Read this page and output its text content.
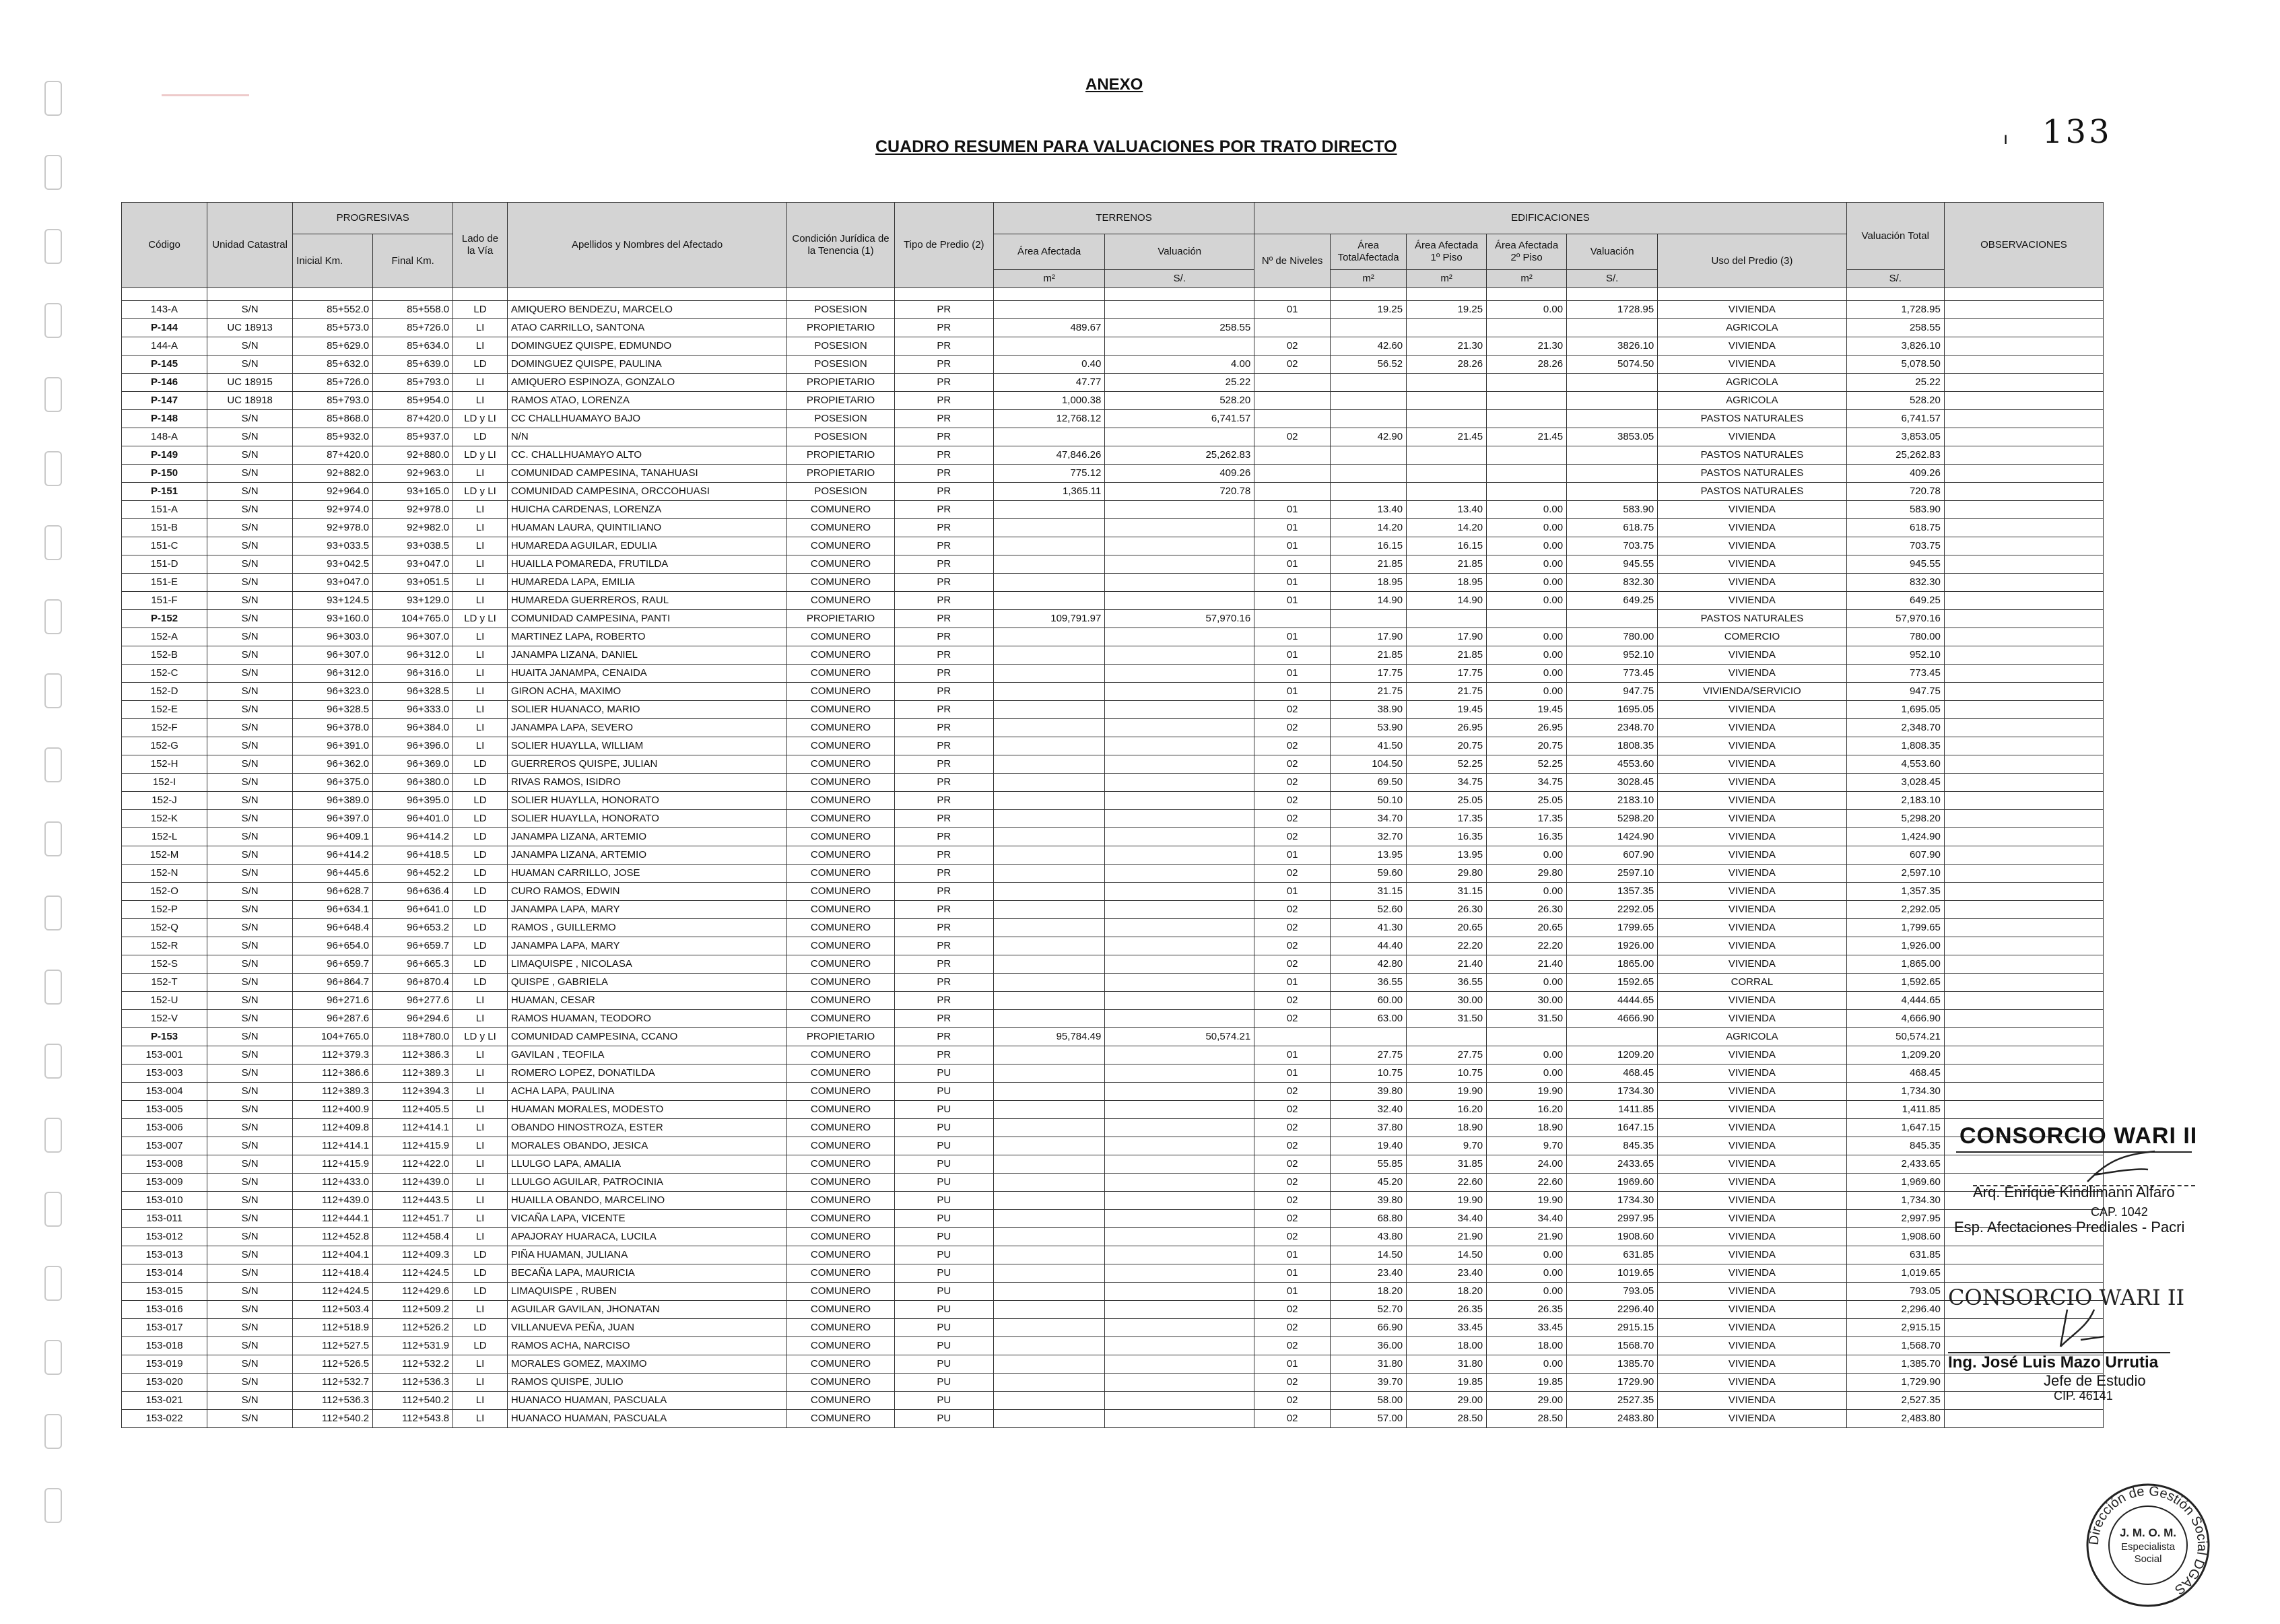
ANEXO
CUADRO RESUMEN PARA VALUACIONES POR TRATO DIRECTO	ı 133
Código	Unidad Catastral	PROGRESIVAS		Lado de la Vía	Apellidos y Nombres del Afectado	Condición Jurídica de la Tenencia (1)	Tipo de Predio (2)	TERRENOS		EDIFICACIONES						Valuación Total	OBSERVACIONES
		Inicial Km.	Final Km.					Área Afectada	Valuación	Nº de Niveles	Área TotalAfectada	Área Afectada 1º Piso	Área Afectada 2º Piso	Valuación	Uso del Predio (3)		
								m²	S/.		m²	m²	m²	S/.		S/.	

143-A	S/N	85+552.0	85+558.0	LD	AMIQUERO BENDEZU, MARCELO	POSESION	PR			01	19.25	19.25	0.00	1728.95	VIVIENDA	1,728.95	
P-144	UC 18913	85+573.0	85+726.0	LI	ATAO CARRILLO, SANTONA	PROPIETARIO	PR	489.67	258.55						AGRICOLA	258.55	
144-A	S/N	85+629.0	85+634.0	LI	DOMINGUEZ QUISPE, EDMUNDO	POSESION	PR			02	42.60	21.30	21.30	3826.10	VIVIENDA	3,826.10	
P-145	S/N	85+632.0	85+639.0	LD	DOMINGUEZ QUISPE, PAULINA	POSESION	PR	0.40	4.00	02	56.52	28.26	28.26	5074.50	VIVIENDA	5,078.50	
P-146	UC 18915	85+726.0	85+793.0	LI	AMIQUERO ESPINOZA, GONZALO	PROPIETARIO	PR	47.77	25.22						AGRICOLA	25.22	
P-147	UC 18918	85+793.0	85+954.0	LI	RAMOS ATAO, LORENZA	PROPIETARIO	PR	1,000.38	528.20						AGRICOLA	528.20	
P-148	S/N	85+868.0	87+420.0	LD y LI	CC CHALLHUAMAYO BAJO	POSESION	PR	12,768.12	6,741.57						PASTOS NATURALES	6,741.57	
148-A	S/N	85+932.0	85+937.0	LD	N/N	POSESION	PR			02	42.90	21.45	21.45	3853.05	VIVIENDA	3,853.05	
P-149	S/N	87+420.0	92+880.0	LD y LI	CC. CHALLHUAMAYO ALTO	PROPIETARIO	PR	47,846.26	25,262.83						PASTOS NATURALES	25,262.83	
P-150	S/N	92+882.0	92+963.0	LI	COMUNIDAD CAMPESINA, TANAHUASI	PROPIETARIO	PR	775.12	409.26						PASTOS NATURALES	409.26	
P-151	S/N	92+964.0	93+165.0	LD y LI	COMUNIDAD CAMPESINA, ORCCOHUASI	POSESION	PR	1,365.11	720.78						PASTOS NATURALES	720.78	
151-A	S/N	92+974.0	92+978.0	LI	HUICHA CARDENAS, LORENZA	COMUNERO	PR			01	13.40	13.40	0.00	583.90	VIVIENDA	583.90	
151-B	S/N	92+978.0	92+982.0	LI	HUAMAN LAURA, QUINTILIANO	COMUNERO	PR			01	14.20	14.20	0.00	618.75	VIVIENDA	618.75	
151-C	S/N	93+033.5	93+038.5	LI	HUMAREDA AGUILAR, EDULIA	COMUNERO	PR			01	16.15	16.15	0.00	703.75	VIVIENDA	703.75	
151-D	S/N	93+042.5	93+047.0	LI	HUAILLA POMAREDA, FRUTILDA	COMUNERO	PR			01	21.85	21.85	0.00	945.55	VIVIENDA	945.55	
151-E	S/N	93+047.0	93+051.5	LI	HUMAREDA LAPA, EMILIA	COMUNERO	PR			01	18.95	18.95	0.00	832.30	VIVIENDA	832.30	
151-F	S/N	93+124.5	93+129.0	LI	HUMAREDA GUERREROS, RAUL	COMUNERO	PR			01	14.90	14.90	0.00	649.25	VIVIENDA	649.25	
P-152	S/N	93+160.0	104+765.0	LD y LI	COMUNIDAD CAMPESINA, PANTI	PROPIETARIO	PR	109,791.97	57,970.16						PASTOS NATURALES	57,970.16	
152-A	S/N	96+303.0	96+307.0	LI	MARTINEZ LAPA, ROBERTO	COMUNERO	PR			01	17.90	17.90	0.00	780.00	COMERCIO	780.00	
152-B	S/N	96+307.0	96+312.0	LI	JANAMPA LIZANA, DANIEL	COMUNERO	PR			01	21.85	21.85	0.00	952.10	VIVIENDA	952.10	
152-C	S/N	96+312.0	96+316.0	LI	HUAITA JANAMPA, CENAIDA	COMUNERO	PR			01	17.75	17.75	0.00	773.45	VIVIENDA	773.45	
152-D	S/N	96+323.0	96+328.5	LI	GIRON ACHA, MAXIMO	COMUNERO	PR			01	21.75	21.75	0.00	947.75	VIVIENDA/SERVICIO	947.75	
152-E	S/N	96+328.5	96+333.0	LI	SOLIER HUANACO, MARIO	COMUNERO	PR			02	38.90	19.45	19.45	1695.05	VIVIENDA	1,695.05	
152-F	S/N	96+378.0	96+384.0	LI	JANAMPA LAPA, SEVERO	COMUNERO	PR			02	53.90	26.95	26.95	2348.70	VIVIENDA	2,348.70	
152-G	S/N	96+391.0	96+396.0	LI	SOLIER HUAYLLA, WILLIAM	COMUNERO	PR			02	41.50	20.75	20.75	1808.35	VIVIENDA	1,808.35	
152-H	S/N	96+362.0	96+369.0	LD	GUERREROS QUISPE, JULIAN	COMUNERO	PR			02	104.50	52.25	52.25	4553.60	VIVIENDA	4,553.60	
152-I	S/N	96+375.0	96+380.0	LD	RIVAS RAMOS, ISIDRO	COMUNERO	PR			02	69.50	34.75	34.75	3028.45	VIVIENDA	3,028.45	
152-J	S/N	96+389.0	96+395.0	LD	SOLIER HUAYLLA, HONORATO	COMUNERO	PR			02	50.10	25.05	25.05	2183.10	VIVIENDA	2,183.10	
152-K	S/N	96+397.0	96+401.0	LD	SOLIER HUAYLLA, HONORATO	COMUNERO	PR			02	34.70	17.35	17.35	5298.20	VIVIENDA	5,298.20	
152-L	S/N	96+409.1	96+414.2	LD	JANAMPA LIZANA, ARTEMIO	COMUNERO	PR			02	32.70	16.35	16.35	1424.90	VIVIENDA	1,424.90	
152-M	S/N	96+414.2	96+418.5	LD	JANAMPA LIZANA, ARTEMIO	COMUNERO	PR			01	13.95	13.95	0.00	607.90	VIVIENDA	607.90	
152-N	S/N	96+445.6	96+452.2	LD	HUAMAN CARRILLO, JOSE	COMUNERO	PR			02	59.60	29.80	29.80	2597.10	VIVIENDA	2,597.10	
152-O	S/N	96+628.7	96+636.4	LD	CURO RAMOS, EDWIN	COMUNERO	PR			01	31.15	31.15	0.00	1357.35	VIVIENDA	1,357.35	
152-P	S/N	96+634.1	96+641.0	LD	JANAMPA LAPA, MARY	COMUNERO	PR			02	52.60	26.30	26.30	2292.05	VIVIENDA	2,292.05	
152-Q	S/N	96+648.4	96+653.2	LD	RAMOS , GUILLERMO	COMUNERO	PR			02	41.30	20.65	20.65	1799.65	VIVIENDA	1,799.65	
152-R	S/N	96+654.0	96+659.7	LD	JANAMPA LAPA, MARY	COMUNERO	PR			02	44.40	22.20	22.20	1926.00	VIVIENDA	1,926.00	
152-S	S/N	96+659.7	96+665.3	LD	LIMAQUISPE , NICOLASA	COMUNERO	PR			02	42.80	21.40	21.40	1865.00	VIVIENDA	1,865.00	
152-T	S/N	96+864.7	96+870.4	LD	QUISPE , GABRIELA	COMUNERO	PR			01	36.55	36.55	0.00	1592.65	CORRAL	1,592.65	
152-U	S/N	96+271.6	96+277.6	LI	HUAMAN, CESAR	COMUNERO	PR			02	60.00	30.00	30.00	4444.65	VIVIENDA	4,444.65	
152-V	S/N	96+287.6	96+294.6	LI	RAMOS HUAMAN, TEODORO	COMUNERO	PR			02	63.00	31.50	31.50	4666.90	VIVIENDA	4,666.90	
P-153	S/N	104+765.0	118+780.0	LD y LI	COMUNIDAD CAMPESINA, CCANO	PROPIETARIO	PR	95,784.49	50,574.21						AGRICOLA	50,574.21	
153-001	S/N	112+379.3	112+386.3	LI	GAVILAN , TEOFILA	COMUNERO	PR			01	27.75	27.75	0.00	1209.20	VIVIENDA	1,209.20	
153-003	S/N	112+386.6	112+389.3	LI	ROMERO LOPEZ, DONATILDA	COMUNERO	PU			01	10.75	10.75	0.00	468.45	VIVIENDA	468.45	
153-004	S/N	112+389.3	112+394.3	LI	ACHA LAPA, PAULINA	COMUNERO	PU			02	39.80	19.90	19.90	1734.30	VIVIENDA	1,734.30	
153-005	S/N	112+400.9	112+405.5	LI	HUAMAN MORALES, MODESTO	COMUNERO	PU			02	32.40	16.20	16.20	1411.85	VIVIENDA	1,411.85	
153-006	S/N	112+409.8	112+414.1	LI	OBANDO HINOSTROZA, ESTER	COMUNERO	PU			02	37.80	18.90	18.90	1647.15	VIVIENDA	1,647.15	
153-007	S/N	112+414.1	112+415.9	LI	MORALES OBANDO, JESICA	COMUNERO	PU			02	19.40	9.70	9.70	845.35	VIVIENDA	845.35	
153-008	S/N	112+415.9	112+422.0	LI	LLULGO LAPA, AMALIA	COMUNERO	PU			02	55.85	31.85	24.00	2433.65	VIVIENDA	2,433.65	
153-009	S/N	112+433.0	112+439.0	LI	LLULGO AGUILAR, PATROCINIA	COMUNERO	PU			02	45.20	22.60	22.60	1969.60	VIVIENDA	1,969.60	
153-010	S/N	112+439.0	112+443.5	LI	HUAILLA OBANDO, MARCELINO	COMUNERO	PU			02	39.80	19.90	19.90	1734.30	VIVIENDA	1,734.30	
153-011	S/N	112+444.1	112+451.7	LI	VICAÑA LAPA, VICENTE	COMUNERO	PU			02	68.80	34.40	34.40	2997.95	VIVIENDA	2,997.95	
153-012	S/N	112+452.8	112+458.4	LI	APAJORAY HUARACA, LUCILA	COMUNERO	PU			02	43.80	21.90	21.90	1908.60	VIVIENDA	1,908.60	
153-013	S/N	112+404.1	112+409.3	LD	PIÑA HUAMAN, JULIANA	COMUNERO	PU			01	14.50	14.50	0.00	631.85	VIVIENDA	631.85	
153-014	S/N	112+418.4	112+424.5	LD	BECAÑA LAPA, MAURICIA	COMUNERO	PU			01	23.40	23.40	0.00	1019.65	VIVIENDA	1,019.65	
153-015	S/N	112+424.5	112+429.6	LD	LIMAQUISPE , RUBEN	COMUNERO	PU			01	18.20	18.20	0.00	793.05	VIVIENDA	793.05	
153-016	S/N	112+503.4	112+509.2	LI	AGUILAR GAVILAN, JHONATAN	COMUNERO	PU			02	52.70	26.35	26.35	2296.40	VIVIENDA	2,296.40	
153-017	S/N	112+518.9	112+526.2	LD	VILLANUEVA PEÑA, JUAN	COMUNERO	PU			02	66.90	33.45	33.45	2915.15	VIVIENDA	2,915.15	
153-018	S/N	112+527.5	112+531.9	LD	RAMOS ACHA, NARCISO	COMUNERO	PU			02	36.00	18.00	18.00	1568.70	VIVIENDA	1,568.70	
153-019	S/N	112+526.5	112+532.2	LI	MORALES GOMEZ, MAXIMO	COMUNERO	PU			01	31.80	31.80	0.00	1385.70	VIVIENDA	1,385.70	
153-020	S/N	112+532.7	112+536.3	LI	RAMOS QUISPE, JULIO	COMUNERO	PU			02	39.70	19.85	19.85	1729.90	VIVIENDA	1,729.90	
153-021	S/N	112+536.3	112+540.2	LI	HUANACO HUAMAN, PASCUALA	COMUNERO	PU			02	58.00	29.00	29.00	2527.35	VIVIENDA	2,527.35	
153-022	S/N	112+540.2	112+543.8	LI	HUANACO HUAMAN, PASCUALA	COMUNERO	PU			02	57.00	28.50	28.50	2483.80	VIVIENDA	2,483.80	
CONSORCIO WARI II
Arq. Enrique Kindlimann Alfaro
CAP. 1042
Esp. Afectaciones Prediales - Pacri
CONSORCIO WARI II
Ing. José Luis Mazo Urrutia
Jefe de Estudio
CIP. 46141
Dirección de Gestión Social DGAS
J. M. O. M.
Especialista
Social
